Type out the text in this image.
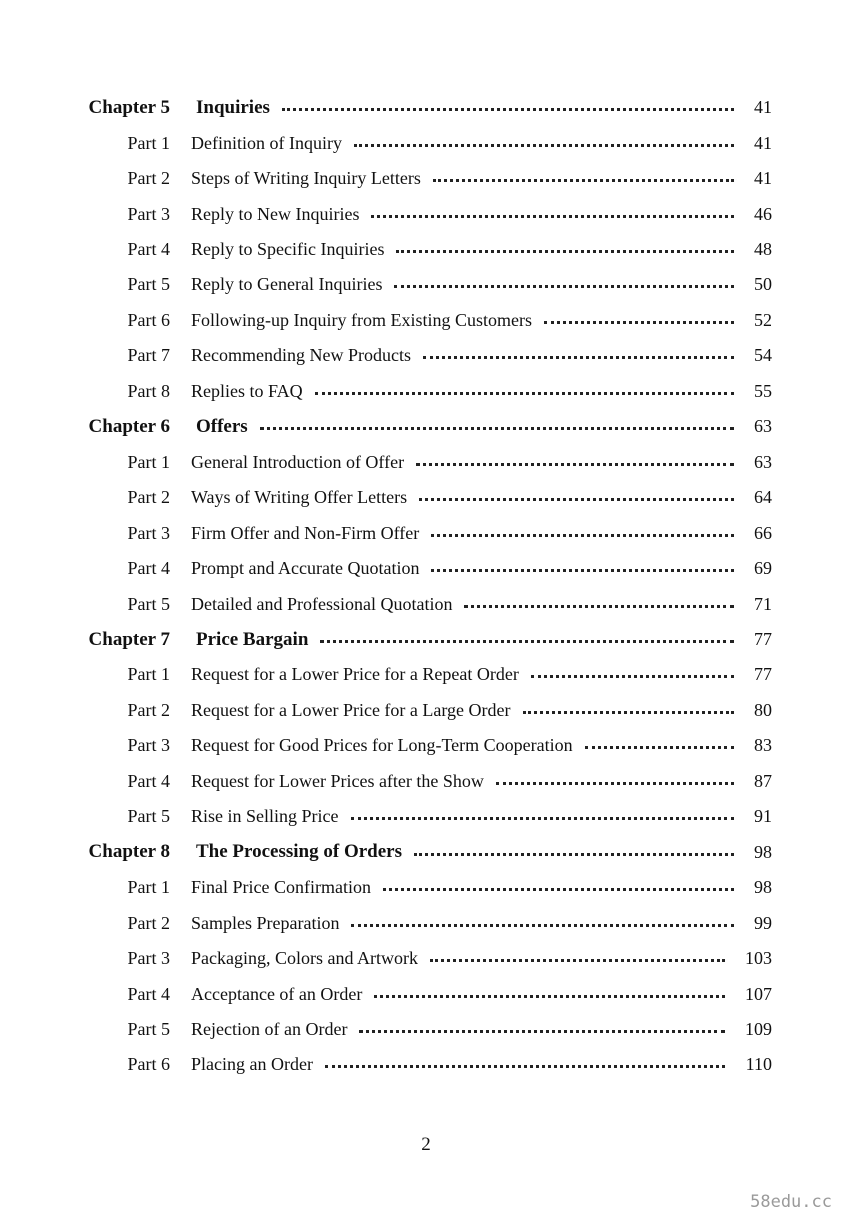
Chapter 5 Inquiries	41
Part 1 Definition of Inquiry	41
Part 2 Steps of Writing Inquiry Letters	41
Part 3 Reply to New Inquiries	46
Part 4 Reply to Specific Inquiries	48
Part 5 Reply to General Inquiries	50
Part 6 Following-up Inquiry from Existing Customers	52
Part 7 Recommending New Products	54
Part 8 Replies to FAQ	55
Chapter 6 Offers	63
Part 1 General Introduction of Offer	63
Part 2 Ways of Writing Offer Letters	64
Part 3 Firm Offer and Non-Firm Offer	66
Part 4 Prompt and Accurate Quotation	69
Part 5 Detailed and Professional Quotation	71
Chapter 7 Price Bargain	77
Part 1 Request for a Lower Price for a Repeat Order	77
Part 2 Request for a Lower Price for a Large Order	80
Part 3 Request for Good Prices for Long-Term Cooperation	83
Part 4 Request for Lower Prices after the Show	87
Part 5 Rise in Selling Price	91
Chapter 8 The Processing of Orders	98
Part 1 Final Price Confirmation	98
Part 2 Samples Preparation	99
Part 3 Packaging, Colors and Artwork	103
Part 4 Acceptance of an Order	107
Part 5 Rejection of an Order	109
Part 6 Placing an Order	110
2
58edu.cc
